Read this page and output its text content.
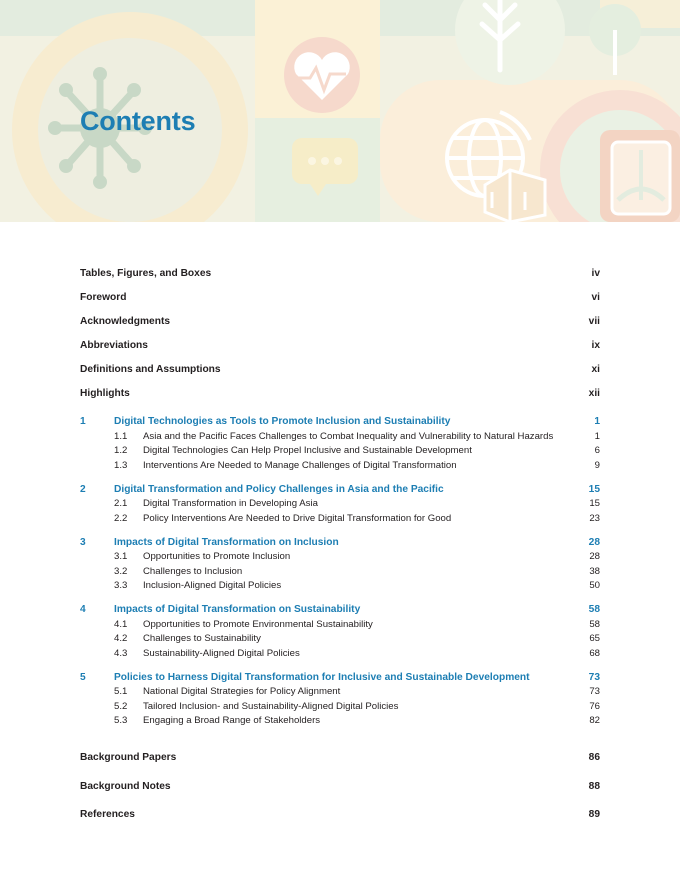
Contents
Tables, Figures, and Boxes	iv
Foreword	vi
Acknowledgments	vii
Abbreviations	ix
Definitions and Assumptions	xi
Highlights	xii
1	Digital Technologies as Tools to Promote Inclusion and Sustainability	1
1.1 Asia and the Pacific Faces Challenges to Combat Inequality and Vulnerability to Natural Hazards	1
1.2 Digital Technologies Can Help Propel Inclusive and Sustainable Development	6
1.3 Interventions Are Needed to Manage Challenges of Digital Transformation	9
2	Digital Transformation and Policy Challenges in Asia and the Pacific	15
2.1 Digital Transformation in Developing Asia	15
2.2 Policy Interventions Are Needed to Drive Digital Transformation for Good	23
3	Impacts of Digital Transformation on Inclusion	28
3.1 Opportunities to Promote Inclusion	28
3.2 Challenges to Inclusion	38
3.3 Inclusion-Aligned Digital Policies	50
4	Impacts of Digital Transformation on Sustainability	58
4.1 Opportunities to Promote Environmental Sustainability	58
4.2 Challenges to Sustainability	65
4.3 Sustainability-Aligned Digital Policies	68
5	Policies to Harness Digital Transformation for Inclusive and Sustainable Development	73
5.1 National Digital Strategies for Policy Alignment	73
5.2 Tailored Inclusion- and Sustainability-Aligned Digital Policies	76
5.3 Engaging a Broad Range of Stakeholders	82
Background Papers	86
Background Notes	88
References	89
